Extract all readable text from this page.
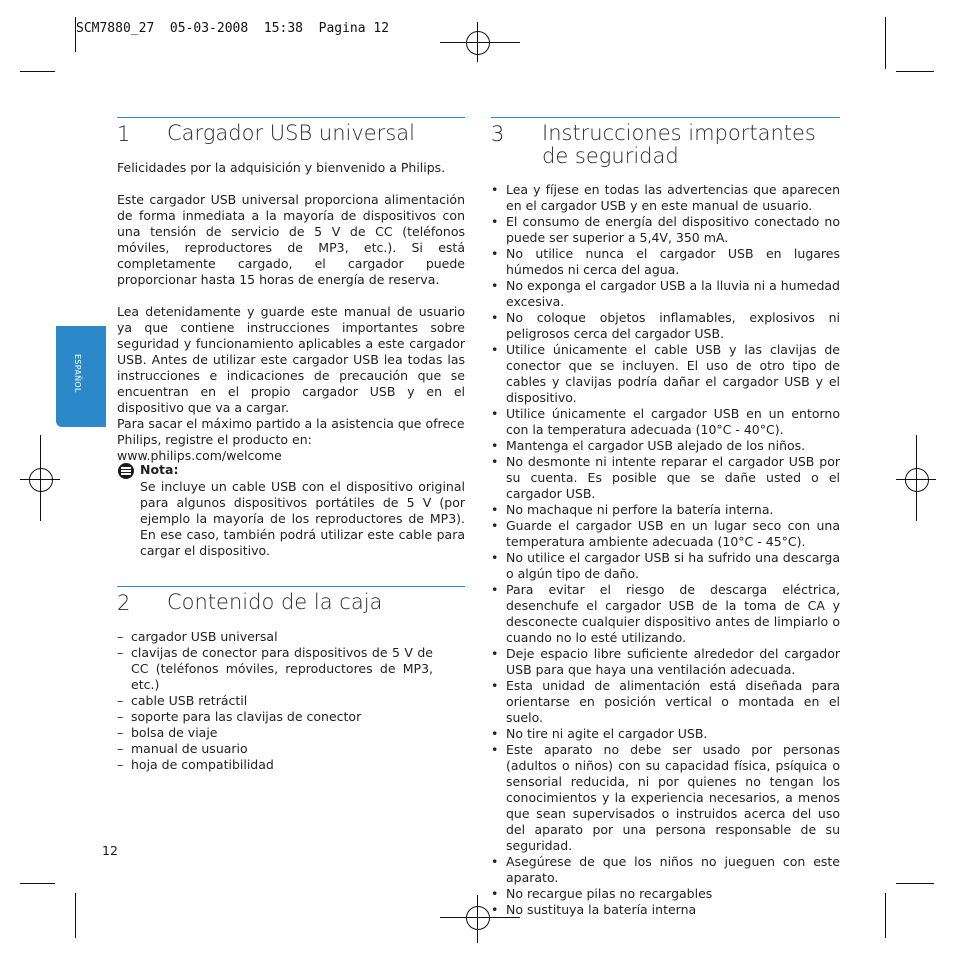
SCM7880_27  05-03-2008  15:38  Pagina 12
ESPAÑOL
1 Cargador USB universal

Felicidades por la adquisición y bienvenido a Philips.

Este cargador USB universal proporciona alimentación de forma inmediata a la mayoría de dispositivos con una tensión de servicio de 5 V de CC (teléfonos móviles, reproductores de MP3, etc.). Si está completamente cargado, el cargador puede proporcionar hasta 15 horas de energía de reserva.

Lea detenidamente y guarde este manual de usuario ya que contiene instrucciones importantes sobre seguridad y funcionamiento aplicables a este cargador USB. Antes de utilizar este cargador USB lea todas las instrucciones e indicaciones de precaución que se encuentran en el propio cargador USB y en el dispositivo que va a cargar.

Para sacar el máximo partido a la asistencia que ofrece Philips, registre el producto en: www.philips.com/welcome

Nota:
Se incluye un cable USB con el dispositivo original para algunos dispositivos portátiles de 5 V (por ejemplo la mayoría de los reproductores de MP3). En ese caso, también podrá utilizar este cable para cargar el dispositivo.
2 Contenido de la caja
– cargador USB universal
– clavijas de conector para dispositivos de 5 V de CC (teléfonos móviles, reproductores de MP3, etc.)
– cable USB retráctil
– soporte para las clavijas de conector
– bolsa de viaje
– manual de usuario
– hoja de compatibilidad
3 Instrucciones importantes de seguridad
• Lea y fíjese en todas las advertencias que aparecen en el cargador USB y en este manual de usuario.
• El consumo de energía del dispositivo conectado no puede ser superior a 5,4V, 350 mA.
• No utilice nunca el cargador USB en lugares húmedos ni cerca del agua.
• No exponga el cargador USB a la lluvia ni a humedad excesiva.
• No coloque objetos inflamables, explosivos ni peligrosos cerca del cargador USB.
• Utilice únicamente el cable USB y las clavijas de conector que se incluyen. El uso de otro tipo de cables y clavijas podría dañar el cargador USB y el dispositivo.
• Utilice únicamente el cargador USB en un entorno con la temperatura adecuada (10°C - 40°C).
• Mantenga el cargador USB alejado de los niños.
• No desmonte ni intente reparar el cargador USB por su cuenta. Es posible que se dañe usted o el cargador USB.
• No machaque ni perfore la batería interna.
• Guarde el cargador USB en un lugar seco con una temperatura ambiente adecuada (10°C - 45°C).
• No utilice el cargador USB si ha sufrido una descarga o algún tipo de daño.
• Para evitar el riesgo de descarga eléctrica, desenchufe el cargador USB de la toma de CA y desconecte cualquier dispositivo antes de limpiarlo o cuando no lo esté utilizando.
• Deje espacio libre suficiente alrededor del cargador USB para que haya una ventilación adecuada.
• Esta unidad de alimentación está diseñada para orientarse en posición vertical o montada en el suelo.
• No tire ni agite el cargador USB.
• Este aparato no debe ser usado por personas (adultos o niños) con su capacidad física, psíquica o sensorial reducida, ni por quienes no tengan los conocimientos y la experiencia necesarios, a menos que sean supervisados o instruidos acerca del uso del aparato por una persona responsable de su seguridad.
• Asegúrese de que los niños no jueguen con este aparato.
• No recargue pilas no recargables
• No sustituya la batería interna
12
